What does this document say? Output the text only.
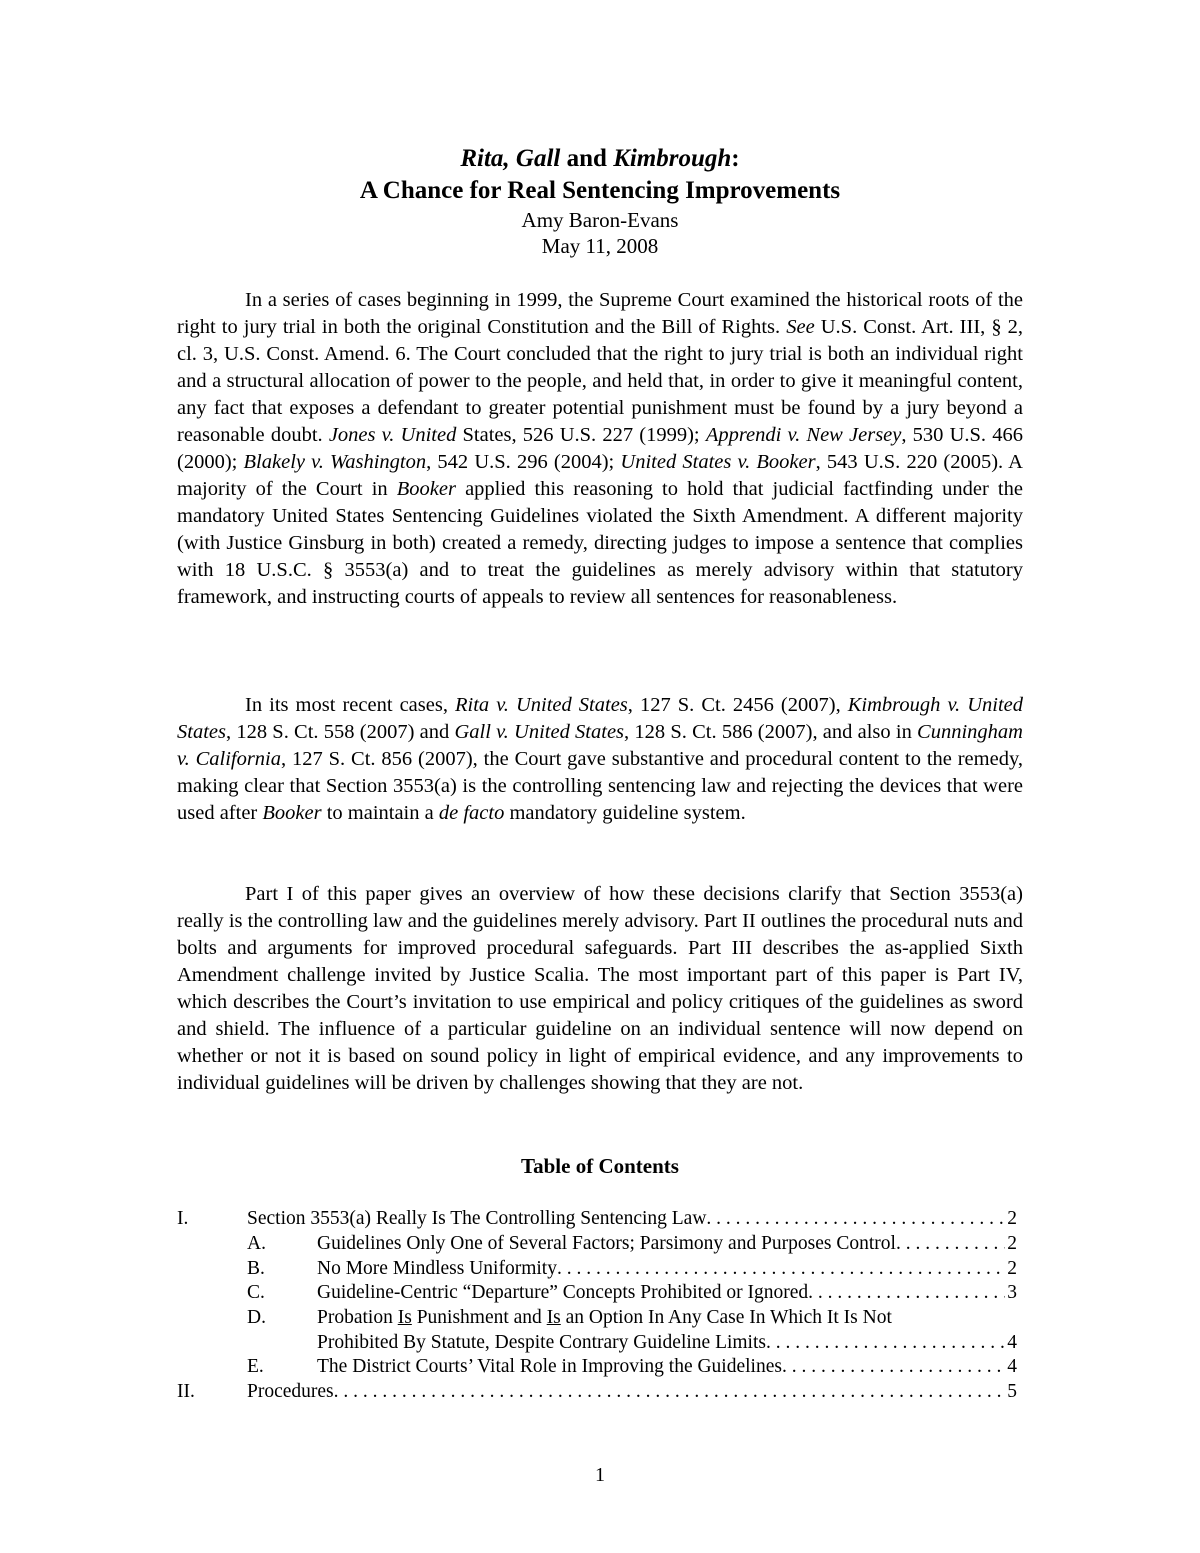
Rita, Gall and Kimbrough:
A Chance for Real Sentencing Improvements
Amy Baron-Evans
May 11, 2008

In a series of cases beginning in 1999, the Supreme Court examined the historical roots of the right to jury trial in both the original Constitution and the Bill of Rights. See U.S. Const. Art. III, § 2, cl. 3, U.S. Const. Amend. 6. The Court concluded that the right to jury trial is both an individual right and a structural allocation of power to the people, and held that, in order to give it meaningful content, any fact that exposes a defendant to greater potential punishment must be found by a jury beyond a reasonable doubt. Jones v. United States, 526 U.S. 227 (1999); Apprendi v. New Jersey, 530 U.S. 466 (2000); Blakely v. Washington, 542 U.S. 296 (2004); United States v. Booker, 543 U.S. 220 (2005). A majority of the Court in Booker applied this reasoning to hold that judicial factfinding under the mandatory United States Sentencing Guidelines violated the Sixth Amendment. A different majority (with Justice Ginsburg in both) created a remedy, directing judges to impose a sentence that complies with 18 U.S.C. § 3553(a) and to treat the guidelines as merely advisory within that statutory framework, and instructing courts of appeals to review all sentences for reasonableness.

In its most recent cases, Rita v. United States, 127 S. Ct. 2456 (2007), Kimbrough v. United States, 128 S. Ct. 558 (2007) and Gall v. United States, 128 S. Ct. 586 (2007), and also in Cunningham v. California, 127 S. Ct. 856 (2007), the Court gave substantive and procedural content to the remedy, making clear that Section 3553(a) is the controlling sentencing law and rejecting the devices that were used after Booker to maintain a de facto mandatory guideline system.

Part I of this paper gives an overview of how these decisions clarify that Section 3553(a) really is the controlling law and the guidelines merely advisory. Part II outlines the procedural nuts and bolts and arguments for improved procedural safeguards. Part III describes the as-applied Sixth Amendment challenge invited by Justice Scalia. The most important part of this paper is Part IV, which describes the Court’s invitation to use empirical and policy critiques of the guidelines as sword and shield. The influence of a particular guideline on an individual sentence will now depend on whether or not it is based on sound policy in light of empirical evidence, and any improvements to individual guidelines will be driven by challenges showing that they are not.

Table of Contents
I.	Section 3553(a) Really Is The Controlling Sentencing Law . . .	2
A.	Guidelines Only One of Several Factors; Parsimony and Purposes Control . . .	2
B.	No More Mindless Uniformity . . .	2
C.	Guideline-Centric “Departure” Concepts Prohibited or Ignored . . .	3
D.	Probation Is Punishment and Is an Option In Any Case In Which It Is Not
Prohibited By Statute, Despite Contrary Guideline Limits . . .	4
E.	The District Courts’ Vital Role in Improving the Guidelines . . .	4
II.	Procedures . . .	5
1
